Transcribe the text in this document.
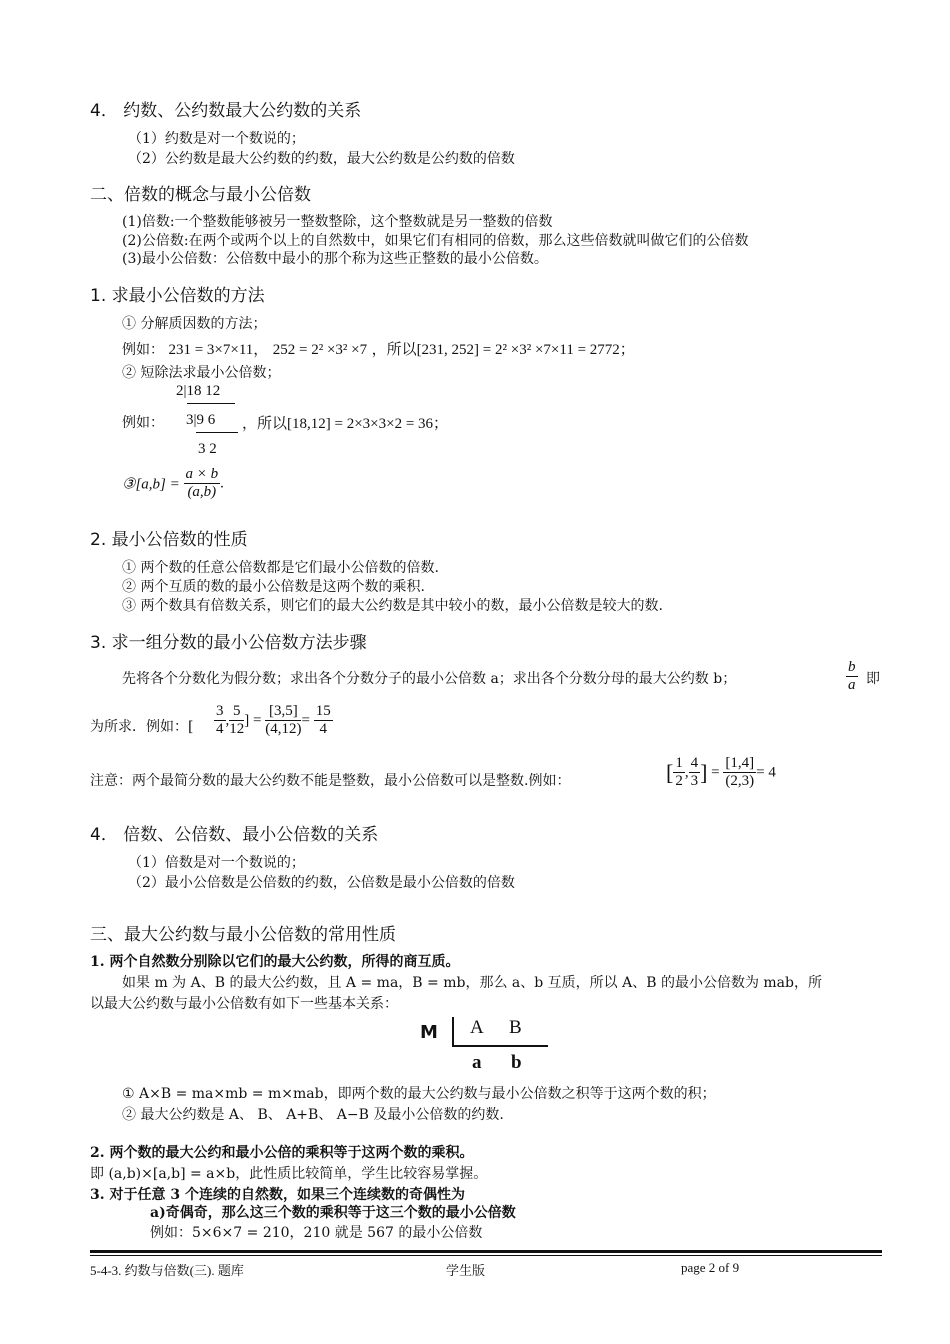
4． 约数、公约数最大公约数的关系
（1）约数是对一个数说的；
（2）公约数是最大公约数的约数，最大公约数是公约数的倍数
二、倍数的概念与最小公倍数
(1)倍数:一个整数能够被另一整数整除，这个整数就是另一整数的倍数
(2)公倍数:在两个或两个以上的自然数中，如果它们有相同的倍数，那么这些倍数就叫做它们的公倍数
(3)最小公倍数：公倍数中最小的那个称为这些正整数的最小公倍数。
1. 求最小公倍数的方法
① 分解质因数的方法；
例如： 231 = 3×7×11， 252 = 2² ×3² ×7 ，所以[231, 252] = 2² ×3² ×7×11 = 2772；
② 短除法求最小公倍数；
2|18 12
例如： 3|9 6 ，所以[18,12] = 2×3×3×2 = 36；
3 2
③[a,b] = $\frac{a \times b}{(a,b)}$ .
2. 最小公倍数的性质
① 两个数的任意公倍数都是它们最小公倍数的倍数.
② 两个互质的数的最小公倍数是这两个数的乘积.
③ 两个数具有倍数关系，则它们的最大公约数是其中较小的数，最小公倍数是较大的数.
3. 求一组分数的最小公倍数方法步骤
先将各个分数化为假分数；求出各个分数分子的最小公倍数 a；求出各个分数分母的最大公约数 b；	$\frac{b}{a}$ 即
为所求．例如：[ $\frac{3}{4}$ , $\frac{5}{12}$ ] = $\frac{[3,5]}{(4,12)} = \frac{15}{4}$
注意：两个最简分数的最大公约数不能是整数，最小公倍数可以是整数.例如：	[ $\frac{1}{2}$ , $\frac{4}{3}$ ] = $\frac{[1,4]}{(2,3)} = 4$
4． 倍数、公倍数、最小公倍数的关系
（1）倍数是对一个数说的；
（2）最小公倍数是公倍数的约数，公倍数是最小公倍数的倍数
三、最大公约数与最小公倍数的常用性质
1. 两个自然数分别除以它们的最大公约数，所得的商互质。
如果 m 为 A、B 的最大公约数，且 A = ma，B = mb，那么 a、b 互质，所以 A、B 的最小公倍数为 mab，所
以最大公约数与最小公倍数有如下一些基本关系：
M A B
a b
① A×B = ma×mb = m×mab，即两个数的最大公约数与最小公倍数之积等于这两个数的积；
② 最大公约数是 A、 B、 A+B、 A−B 及最小公倍数的约数.
2. 两个数的最大公约和最小公倍的乘积等于这两个数的乘积。
即 (a,b)×[a,b] = a×b，此性质比较简单，学生比较容易掌握。
3. 对于任意 3 个连续的自然数，如果三个连续数的奇偶性为
a)奇偶奇，那么这三个数的乘积等于这三个数的最小公倍数
例如：5×6×7 = 210，210 就是 567 的最小公倍数
5-4-3. 约数与倍数(三). 题库	学生版	page 2 of 9
